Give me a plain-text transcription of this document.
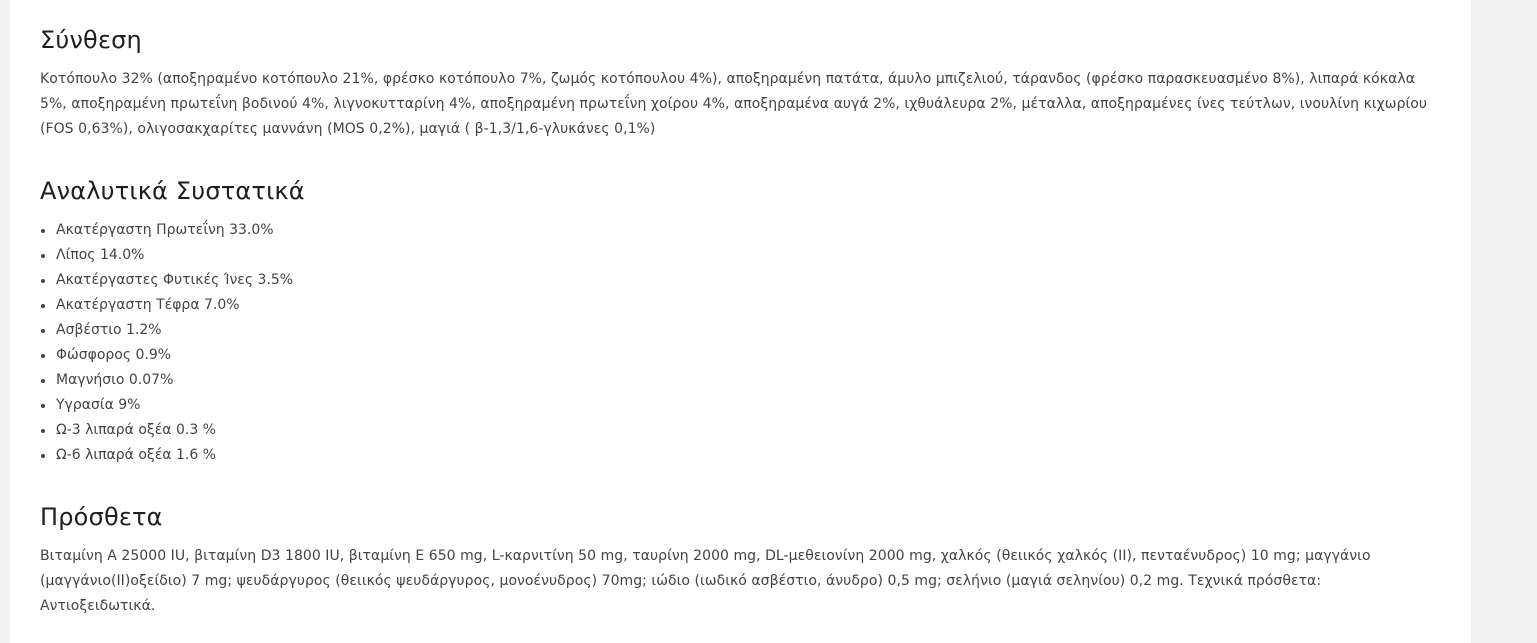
Σύνθεση

Κοτόπουλο 32% (αποξηραμένο κοτόπουλο 21%, φρέσκο κοτόπουλο 7%, ζωμός κοτόπουλου 4%), αποξηραμένη πατάτα, άμυλο μπιζελιού, τάρανδος (φρέσκο παρασκευασμένο 8%), λιπαρά κόκαλα 5%, αποξηραμένη πρωτεΐνη βοδινού 4%, λιγνοκυτταρίνη 4%, αποξηραμένη πρωτεΐνη χοίρου 4%, αποξηραμένα αυγά 2%, ιχθυάλευρα 2%, μέταλλα, αποξηραμένες ίνες τεύτλων, ινουλίνη κιχωρίου (FOS 0,63%), ολιγοσακχαρίτες μαννάνη (MOS 0,2%), μαγιά ( β-1,3/1,6-γλυκάνες 0,1%)

Αναλυτικά Συστατικά
Ακατέργαστη Πρωτεΐνη 33.0%
Λίπος 14.0%
Ακατέργαστες Φυτικές Ίνες 3.5%
Ακατέργαστη Τέφρα 7.0%
Ασβέστιο 1.2%
Φώσφορος 0.9%
Μαγνήσιο 0.07%
Υγρασία 9%
Ω-3 λιπαρά οξέα 0.3 %
Ω-6 λιπαρά οξέα 1.6 %
Πρόσθετα

Βιταμίνη A 25000 IU, βιταμίνη D3 1800 IU, βιταμίνη E 650 mg, L-καρνιτίνη 50 mg, ταυρίνη 2000 mg, DL-μεθειονίνη 2000 mg, χαλκός (θειικός χαλκός (II), πενταένυδρος) 10 mg; μαγγάνιο (μαγγάνιο(II)οξείδιο) 7 mg; ψευδάργυρος (θειικός ψευδάργυρος, μονοένυδρος) 70mg; ιώδιο (ιωδικό ασβέστιο, άνυδρο) 0,5 mg; σελήνιο (μαγιά σεληνίου) 0,2 mg. Τεχνικά πρόσθετα: Αντιοξειδωτικά.
